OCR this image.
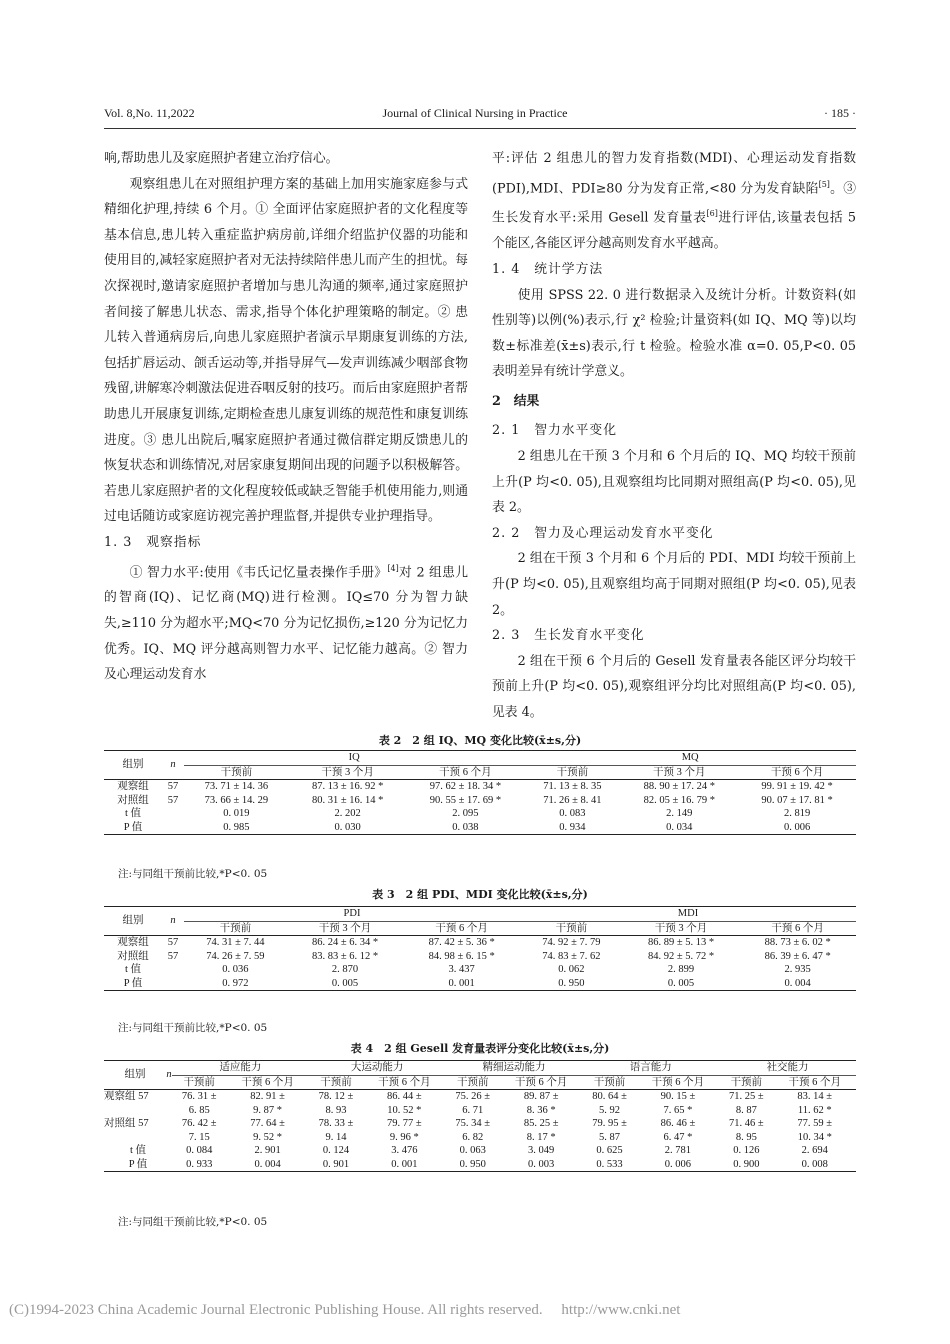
Vol. 8,No. 11,2022	Journal of Clinical Nursing in Practice	· 185 ·

响,帮助患儿及家庭照护者建立治疗信心。

观察组患儿在对照组护理方案的基础上加用实施家庭参与式精细化护理,持续 6 个月。① 全面评估家庭照护者的文化程度等基本信息,患儿转入重症监护病房前,详细介绍监护仪器的功能和使用目的,减轻家庭照护者对无法持续陪伴患儿而产生的担忧。每次探视时,邀请家庭照护者增加与患儿沟通的频率,通过家庭照护者间接了解患儿状态、需求,指导个体化护理策略的制定。② 患儿转入普通病房后,向患儿家庭照护者演示早期康复训练的方法,包括扩唇运动、颌舌运动等,并指导屏气—发声训练减少咽部食物残留,讲解寒冷刺激法促进吞咽反射的技巧。而后由家庭照护者帮助患儿开展康复训练,定期检查患儿康复训练的规范性和康复训练进度。③ 患儿出院后,嘱家庭照护者通过微信群定期反馈患儿的恢复状态和训练情况,对居家康复期间出现的问题予以积极解答。若患儿家庭照护者的文化程度较低或缺乏智能手机使用能力,则通过电话随访或家庭访视完善护理监督,并提供专业护理指导。

1. 3　观察指标

① 智力水平:使用《韦氏记忆量表操作手册》[4]对 2 组患儿的智商(IQ)、记忆商(MQ)进行检测。IQ≤70 分为智力缺失,≥110 分为超水平;MQ<70 分为记忆损伤,≥120 分为记忆力优秀。IQ、MQ 评分越高则智力水平、记忆能力越高。② 智力及心理运动发育水

平:评估 2 组患儿的智力发育指数(MDI)、心理运动发育指数(PDI),MDI、PDI≥80 分为发育正常,<80 分为发育缺陷[5]。③ 生长发育水平:采用 Gesell 发育量表[6]进行评估,该量表包括 5 个能区,各能区评分越高则发育水平越高。

1. 4　统计学方法

使用 SPSS 22. 0 进行数据录入及统计分析。计数资料(如性别等)以例(%)表示,行 χ² 检验;计量资料(如 IQ、MQ 等)以均数±标准差(x̄±s)表示,行 t 检验。检验水准 α=0. 05,P<0. 05 表明差异有统计学意义。

2　结果

2. 1　智力水平变化

2 组患儿在干预 3 个月和 6 个月后的 IQ、MQ 均较干预前上升(P 均<0. 05),且观察组均比同期对照组高(P 均<0. 05),见表 2。

2. 2　智力及心理运动发育水平变化

2 组在干预 3 个月和 6 个月后的 PDI、MDI 均较干预前上升(P 均<0. 05),且观察组均高于同期对照组(P 均<0. 05),见表 2。

2. 3　生长发育水平变化

2 组在干预 6 个月后的 Gesell 发育量表各能区评分均较干预前上升(P 均<0. 05),观察组评分均比对照组高(P 均<0. 05),见表 4。

表 2　2 组 IQ、MQ 变化比较(x̄±s,分)
组别	n	IQ			MQ		
		干预前	干预 3 个月	干预 6 个月	干预前	干预 3 个月	干预 6 个月
观察组	57	73. 71 ± 14. 36	87. 13 ± 16. 92 *	97. 62 ± 18. 34 *	71. 13 ± 8. 35	88. 90 ± 17. 24 *	99. 91 ± 19. 42 *
对照组	57	73. 66 ± 14. 29	80. 31 ± 16. 14 *	90. 55 ± 17. 69 *	71. 26 ± 8. 41	82. 05 ± 16. 79 *	90. 07 ± 17. 81 *
t 值		0. 019	2. 202	2. 095	0. 083	2. 149	2. 819
P 值		0. 985	0. 030	0. 038	0. 934	0. 034	0. 006
注:与同组干预前比较,*P<0. 05
表 3　2 组 PDI、MDI 变化比较(x̄±s,分)
组别	n	PDI			MDI		
		干预前	干预 3 个月	干预 6 个月	干预前	干预 3 个月	干预 6 个月
观察组	57	74. 31 ± 7. 44	86. 24 ± 6. 34 *	87. 42 ± 5. 36 *	74. 92 ± 7. 79	86. 89 ± 5. 13 *	88. 73 ± 6. 02 *
对照组	57	74. 26 ± 7. 59	83. 83 ± 6. 12 *	84. 98 ± 6. 15 *	74. 83 ± 7. 62	84. 92 ± 5. 72 *	86. 39 ± 6. 47 *
t 值		0. 036	2. 870	3. 437	0. 062	2. 899	2. 935
P 值		0. 972	0. 005	0. 001	0. 950	0. 005	0. 004
注:与同组干预前比较,*P<0. 05
表 4　2 组 Gesell 发育量表评分变化比较(x̄±s,分)
组别	n	适应能力		大运动能力		精细运动能力		语言能力		社交能力	
		干预前	干预 6 个月	干预前	干预 6 个月	干预前	干预 6 个月	干预前	干预 6 个月	干预前	干预 6 个月
观察组 57		76. 31 ±	82. 91 ±	78. 12 ±	86. 44 ±	75. 26 ±	89. 87 ±	80. 64 ±	90. 15 ±	71. 25 ±	83. 14 ±
		6. 85	9. 87 *	8. 93	10. 52 *	6. 71	8. 36 *	5. 92	7. 65 *	8. 87	11. 62 *
对照组 57		76. 42 ±	77. 64 ±	78. 33 ±	79. 77 ±	75. 34 ±	85. 25 ±	79. 95 ±	86. 46 ±	71. 46 ±	77. 59 ±
		7. 15	9. 52 *	9. 14	9. 96 *	6. 82	8. 17 *	5. 87	6. 47 *	8. 95	10. 34 *
t 值		0. 084	2. 901	0. 124	3. 476	0. 063	3. 049	0. 625	2. 781	0. 126	2. 694
P 值		0. 933	0. 004	0. 901	0. 001	0. 950	0. 003	0. 533	0. 006	0. 900	0. 008
注:与同组干预前比较,*P<0. 05
(C)1994-2023 China Academic Journal Electronic Publishing House. All rights reserved.　 http://www.cnki.net
